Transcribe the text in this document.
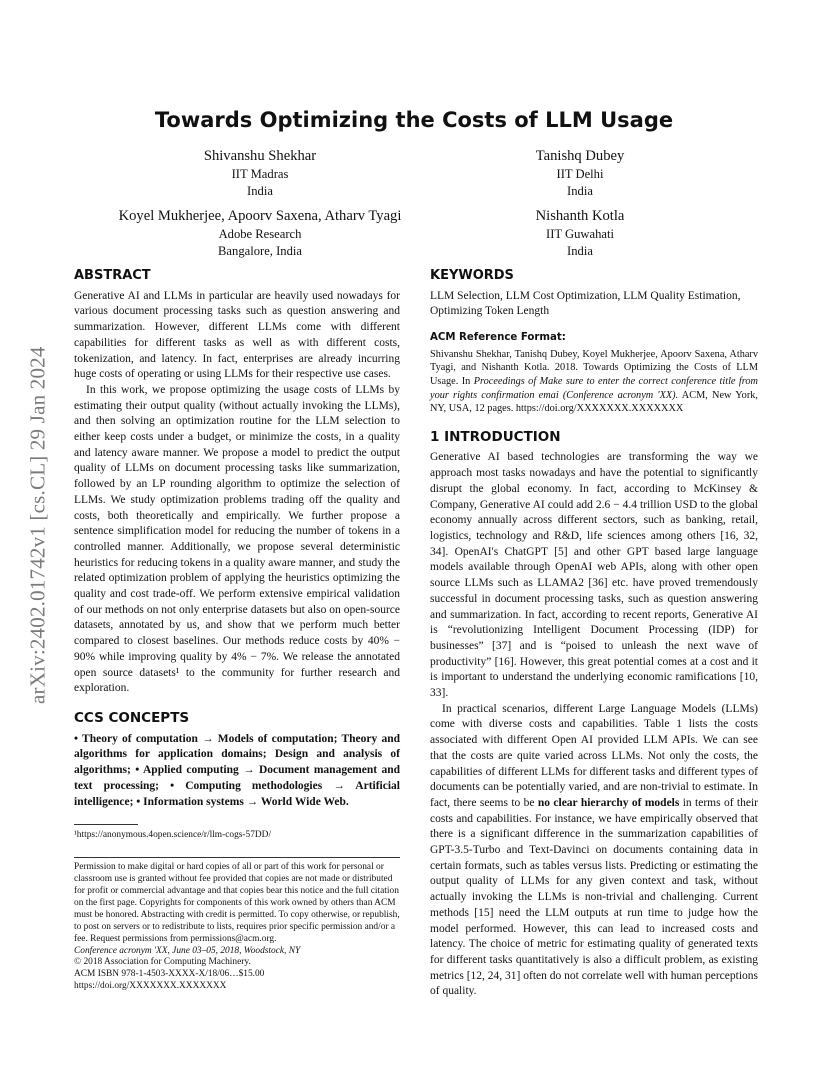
arXiv:2402.01742v1 [cs.CL] 29 Jan 2024
Towards Optimizing the Costs of LLM Usage
Shivanshu Shekhar
IIT Madras
India
Tanishq Dubey
IIT Delhi
India
Koyel Mukherjee, Apoorv Saxena, Atharv Tyagi
Adobe Research
Bangalore, India
Nishanth Kotla
IIT Guwahati
India
ABSTRACT

Generative AI and LLMs in particular are heavily used nowadays for various document processing tasks such as question answering and summarization. However, different LLMs come with different capabilities for different tasks as well as with different costs, tokenization, and latency. In fact, enterprises are already incurring huge costs of operating or using LLMs for their respective use cases.

In this work, we propose optimizing the usage costs of LLMs by estimating their output quality (without actually invoking the LLMs), and then solving an optimization routine for the LLM selection to either keep costs under a budget, or minimize the costs, in a quality and latency aware manner. We propose a model to predict the output quality of LLMs on document processing tasks like summarization, followed by an LP rounding algorithm to optimize the selection of LLMs. We study optimization problems trading off the quality and costs, both theoretically and empirically. We further propose a sentence simplification model for reducing the number of tokens in a controlled manner. Additionally, we propose several deterministic heuristics for reducing tokens in a quality aware manner, and study the related optimization problem of applying the heuristics optimizing the quality and cost trade-off. We perform extensive empirical validation of our methods on not only enterprise datasets but also on open-source datasets, annotated by us, and show that we perform much better compared to closest baselines. Our methods reduce costs by 40% − 90% while improving quality by 4% − 7%. We release the annotated open source datasets¹ to the community for further research and exploration.

CCS CONCEPTS

• Theory of computation → Models of computation; Theory and algorithms for application domains; Design and analysis of algorithms; • Applied computing → Document management and text processing; • Computing methodologies → Artificial intelligence; • Information systems → World Wide Web.

¹https://anonymous.4open.science/r/llm-cogs-57DD/
Permission to make digital or hard copies of all or part of this work for personal or classroom use is granted without fee provided that copies are not made or distributed for profit or commercial advantage and that copies bear this notice and the full citation on the first page. Copyrights for components of this work owned by others than ACM must be honored. Abstracting with credit is permitted. To copy otherwise, or republish, to post on servers or to redistribute to lists, requires prior specific permission and/or a fee. Request permissions from permissions@acm.org.
Conference acronym 'XX, June 03–05, 2018, Woodstock, NY
© 2018 Association for Computing Machinery.
ACM ISBN 978-1-4503-XXXX-X/18/06…$15.00
https://doi.org/XXXXXXX.XXXXXXX
KEYWORDS

LLM Selection, LLM Cost Optimization, LLM Quality Estimation, Optimizing Token Length

ACM Reference Format:

Shivanshu Shekhar, Tanishq Dubey, Koyel Mukherjee, Apoorv Saxena, Atharv Tyagi, and Nishanth Kotla. 2018. Towards Optimizing the Costs of LLM Usage. In Proceedings of Make sure to enter the correct conference title from your rights confirmation emai (Conference acronym 'XX). ACM, New York, NY, USA, 12 pages. https://doi.org/XXXXXXX.XXXXXXX

1 INTRODUCTION

Generative AI based technologies are transforming the way we approach most tasks nowadays and have the potential to significantly disrupt the global economy. In fact, according to McKinsey & Company, Generative AI could add 2.6 − 4.4 trillion USD to the global economy annually across different sectors, such as banking, retail, logistics, technology and R&D, life sciences among others [16, 32, 34]. OpenAI's ChatGPT [5] and other GPT based large language models available through OpenAI web APIs, along with other open source LLMs such as LLAMA2 [36] etc. have proved tremendously successful in document processing tasks, such as question answering and summarization. In fact, according to recent reports, Generative AI is “revolutionizing Intelligent Document Processing (IDP) for businesses” [37] and is “poised to unleash the next wave of productivity” [16]. However, this great potential comes at a cost and it is important to understand the underlying economic ramifications [10, 33].

In practical scenarios, different Large Language Models (LLMs) come with diverse costs and capabilities. Table 1 lists the costs associated with different Open AI provided LLM APIs. We can see that the costs are quite varied across LLMs. Not only the costs, the capabilities of different LLMs for different tasks and different types of documents can be potentially varied, and are non-trivial to estimate. In fact, there seems to be no clear hierarchy of models in terms of their costs and capabilities. For instance, we have empirically observed that there is a significant difference in the summarization capabilities of GPT-3.5-Turbo and Text-Davinci on documents containing data in certain formats, such as tables versus lists. Predicting or estimating the output quality of LLMs for any given context and task, without actually invoking the LLMs is non-trivial and challenging. Current methods [15] need the LLM outputs at run time to judge how the model performed. However, this can lead to increased costs and latency. The choice of metric for estimating quality of generated texts for different tasks quantitatively is also a difficult problem, as existing metrics [12, 24, 31] often do not correlate well with human perceptions of quality.
